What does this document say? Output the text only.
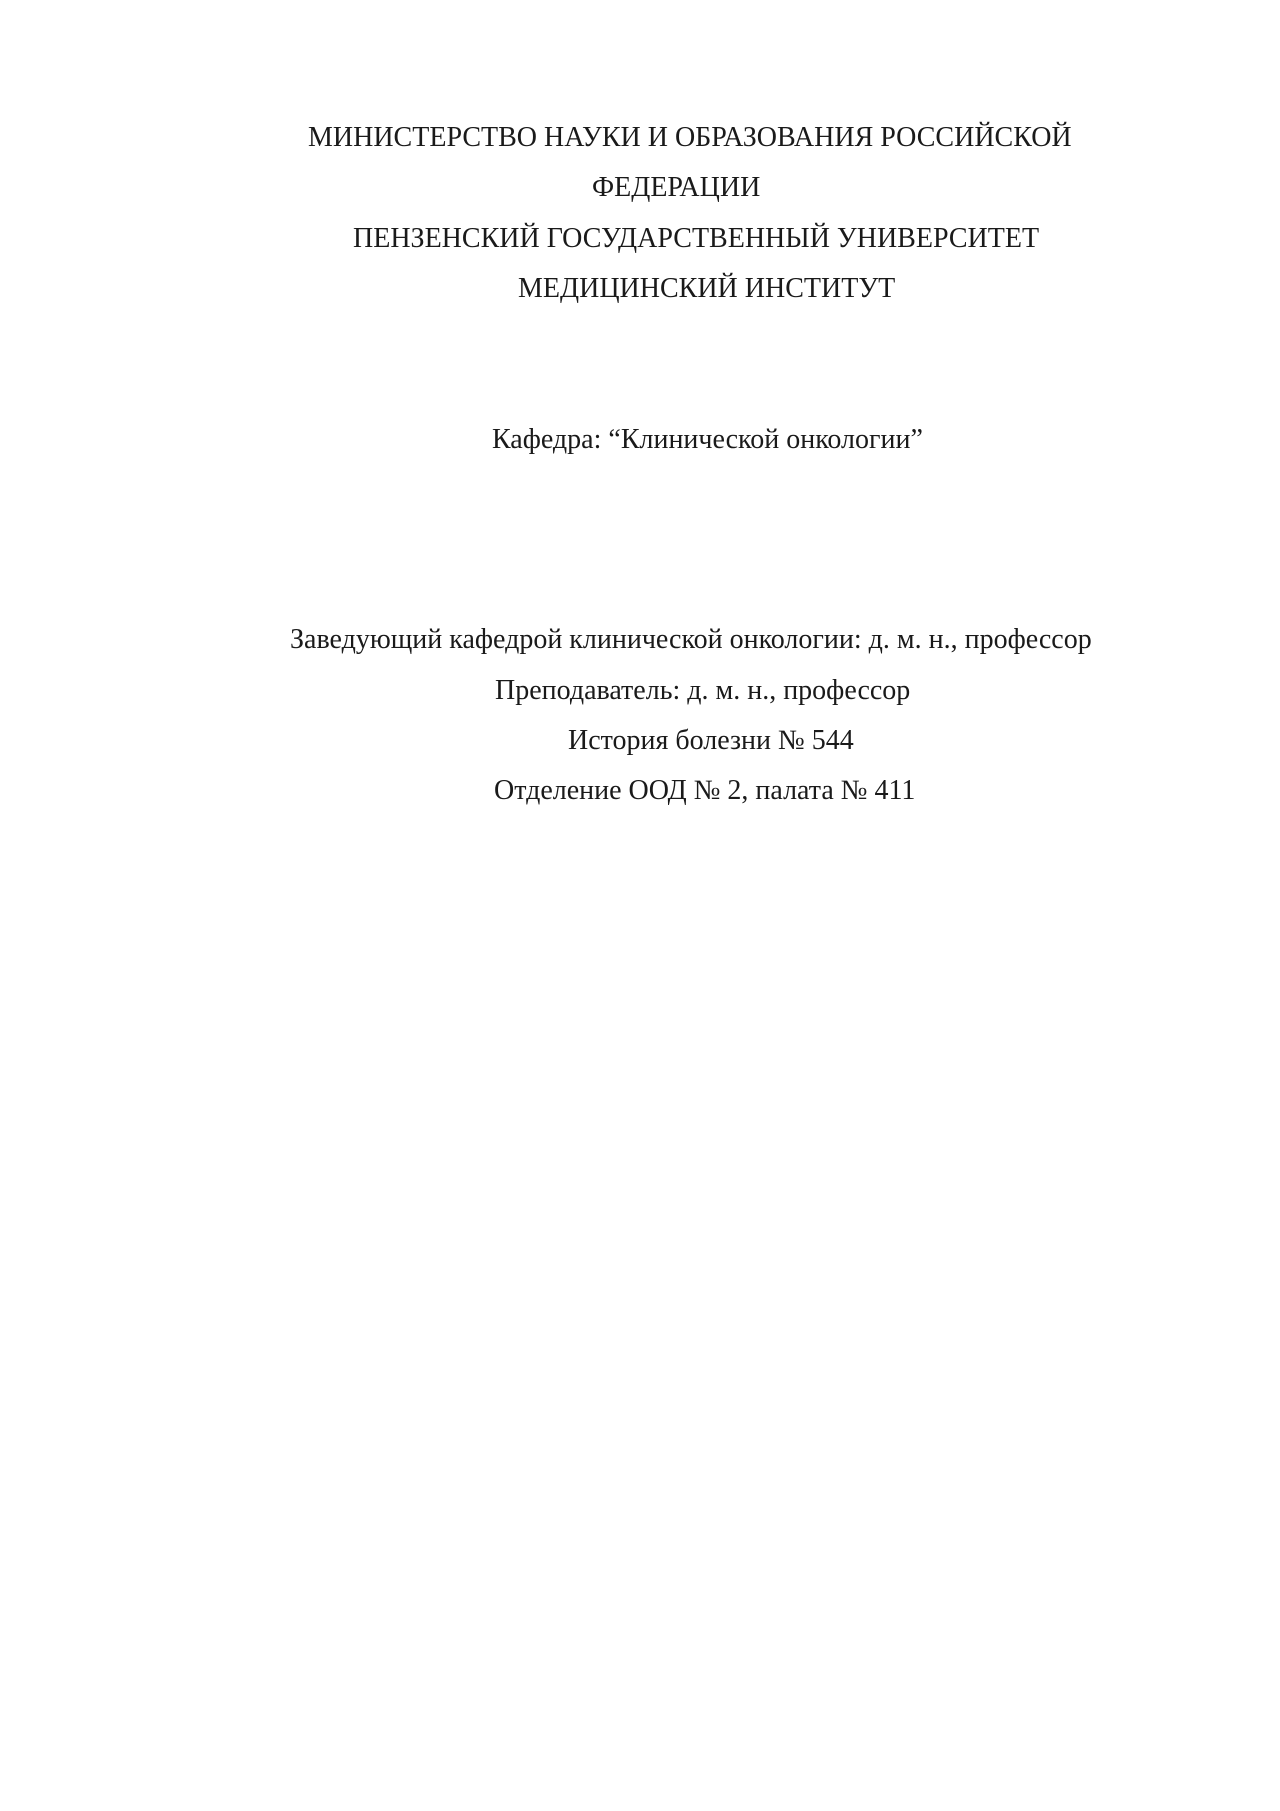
МИНИСТЕРСТВО НАУКИ И ОБРАЗОВАНИЯ РОССИЙСКОЙ
ФЕДЕРАЦИИ
ПЕНЗЕНСКИЙ ГОСУДАРСТВЕННЫЙ УНИВЕРСИТЕТ
МЕДИЦИНСКИЙ ИНСТИТУТ
Кафедра: “Клинической онкологии”
Заведующий кафедрой клинической онкологии: д. м. н., профессор
Преподаватель: д. м. н., профессор
История болезни № 544
Отделение ООД № 2, палата № 411
